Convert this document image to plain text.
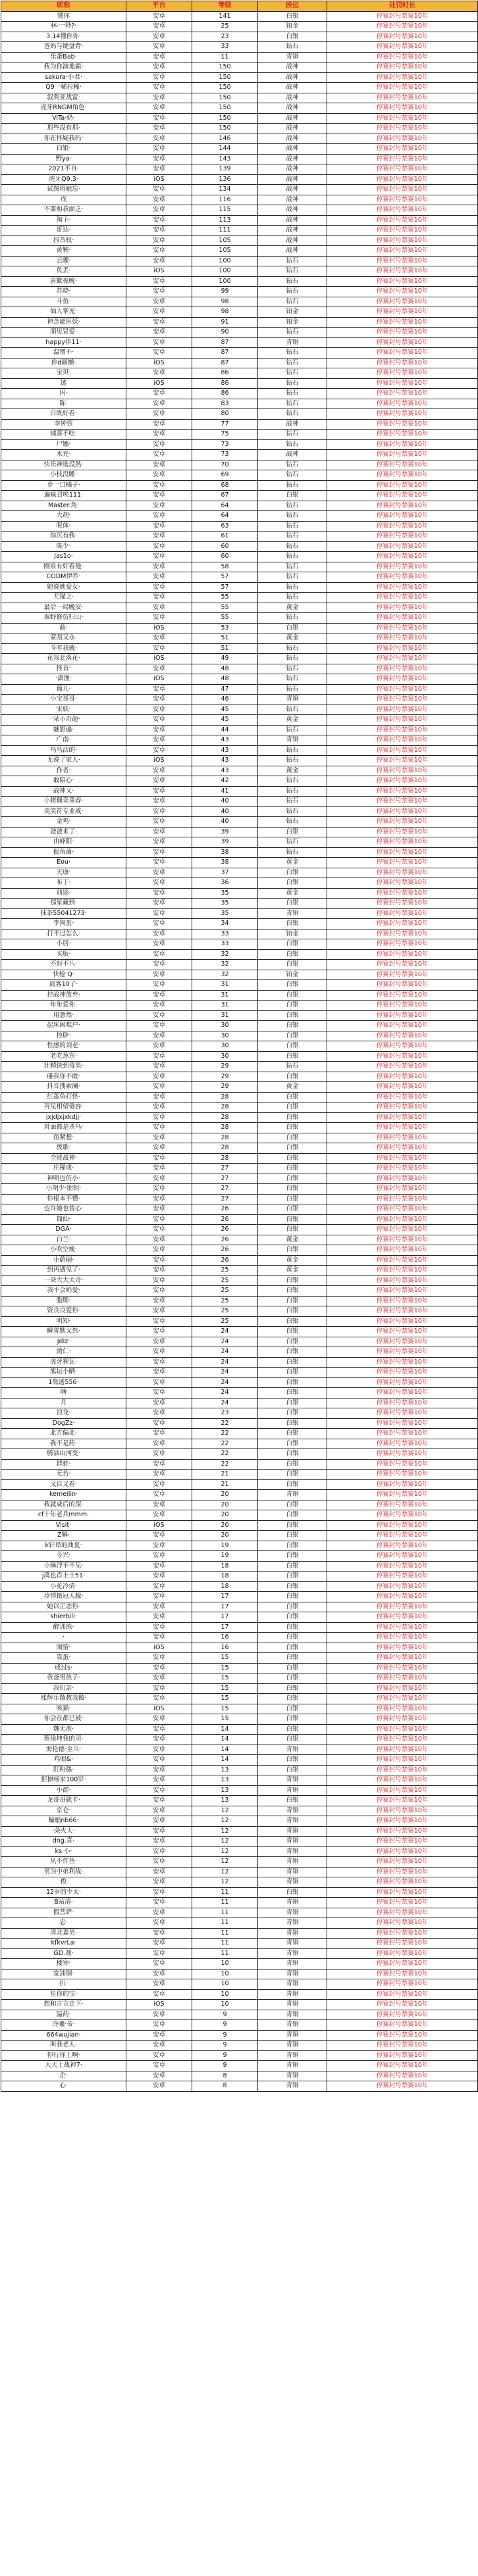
昵称	平台	等级	段位	处罚时长
懂你	安卓	141	白银	停赛封号禁赛10年
林·一秒?·	安卓	25	铂金	停赛封号禁赛10年
3.14懂你你·	安卓	23	白银	停赛封号禁赛10年
爸妈与键盘背·	安卓	33	钻石	停赛封号禁赛10年
乐蛋Bab·	安卓	11	青铜	停赛封号禁赛10年
我为你演地霸·	安卓	150	战神	停赛封号禁赛10年
sakura·小君·	安卓	150	战神	停赛封号禁赛10年
Q9一稀拉稀·	安卓	150	战神	停赛封号禁赛10年
叙利亚战雷·	安卓	150	战神	停赛封号禁赛10年
虎牙RNGM角色·	安卓	150	战神	停赛封号禁赛10年
ViTa·奶·	安卓	150	战神	停赛封号禁赛10年
那些没有那·	安卓	150	战神	停赛封号禁赛10年
你在怀疑我吗·	安卓	146	战神	停赛封号禁赛10年
白银·	安卓	144	战神	停赛封号禁赛10年
野ya·	安卓	143	战神	停赛封号禁赛10年
2021不自·	安卓	139	战神	停赛封号禁赛10年
虎牙Q9.3·	iOS	136	战神	停赛封号禁赛10年
试图将她忘·	安卓	134	战神	停赛封号禁赛10年
戊	安卓	116	战神	停赛封号禁赛10年
不要和我面乏·	安卓	115	战神	停赛封号禁赛10年
淘主·	安卓	113	战神	停赛封号禁赛10年
哥达·	安卓	111	战神	停赛封号禁赛10年
抖音权·	安卓	105	战神	停赛封号禁赛10年
黄鞅·	安卓	105	战神	停赛封号禁赛10年
云骤·	安卓	100	钻石	停赛封号禁赛10年
负丢·	iOS	100	钻石	停赛封号禁赛10年
喜歡夜晚·	安卓	100	钻石	停赛封号禁赛10年
苏晓·	安卓	99	钻石	停赛封号禁赛10年
斗鱼·	安卓	98	钻石	停赛封号禁赛10年
仙人掌充·	安卓	98	铂金	停赛封号禁赛10年
神念能医妖·	安卓	91	铂金	停赛封号禁赛10年
朋见冒爱·	安卓	90	钻石	停赛封号禁赛10年
happy伴11·	安卓	87	青铜	停赛封号禁赛10年
温憎不·	安卓	87	钻石	停赛封号禁赛10年
你d画懒·	iOS	87	钻石	停赛封号禁赛10年
宝贝·	安卓	86	钻石	停赛封号禁赛10年
透	iOS	86	钻石	停赛封号禁赛10年
闪·	安卓	86	钻石	停赛封号禁赛10年
陈·	安卓	83	钻石	停赛封号禁赛10年
白既好看·	安卓	80	钻石	停赛封号禁赛10年
李钟萱	安卓	77	战神	停赛封号禁赛10年
铺落不吃·	安卓	75	钻石	停赛封号禁赛10年
尸娜·	安卓	73	钻石	停赛封号禁赛10年
术充·	安卓	73	战神	停赛封号禁赛10年
快乐神选没熟·	安卓	70	钻石	停赛封号禁赛10年
小枝没睡·	安卓	69	钻石	停赛封号禁赛10年
乡一口橘子·	安卓	68	钻石	停赛封号禁赛10年
遍疯召唤111·	安卓	67	白银	停赛封号禁赛10年
Master.角·	安卓	64	钻石	停赛封号禁赛10年
大胡·	安卓	64	钻石	停赛封号禁赛10年
呢体·	安卓	63	钻石	停赛封号禁赛10年
你沉有我·	安卓	61	钻石	停赛封号禁赛10年
陈少·	安卓	60	钻石	停赛封号禁赛10年
Jas1o·	安卓	60	钻石	停赛封号禁赛10年
刚泉有奸看他·	安卓	58	钻石	停赛封号禁赛10年
CODM伊乔·	安卓	57	钻石	停赛封号禁赛10年
她说她爱女·	安卓	57	钻石	停赛封号禁赛10年
尤猫之·	安卓	55	钻石	停赛封号禁赛10年
最后一局晚安·	安卓	55	黄金	停赛封号禁赛10年
秦野修仿归山·	安卓	55	钻石	停赛封号禁赛10年
曲·	iOS	53	白银	停赛封号禁赛10年
蒙刮又永·	安卓	51	黄金	停赛封号禁赛10年
斗咔我就·	安卓	51	钻石	停赛封号禁赛10年
花我北落花·	iOS	49	钻石	停赛封号禁赛10年
怪首·	安卓	48	钻石	停赛封号禁赛10年
·潇渔·	iOS	48	钻石	停赛封号禁赛10年
葡儿·	安卓	47	钻石	停赛封号禁赛10年
小宝哥哥·	安卓	46	青铜	停赛封号禁赛10年
宋妖·	安卓	45	钻石	停赛封号禁赛10年
一朵小奇葩·	安卓	45	黄金	停赛封号禁赛10年
魅影遍·	安卓	44	钻石	停赛封号禁赛10年
广南·	安卓	43	青铜	停赛封号禁赛10年
乌乌活的·	安卓	43	钻石	停赛封号禁赛10年
无说了家人·	iOS	43	钻石	停赛封号禁赛10年
作者·	安卓	43	黄金	停赛封号禁赛10年
敢陪心·	安卓	42	钻石	停赛封号禁赛10年
战神乂·	安卓	41	钻石	停赛封号禁赛10年
小猪佩奇重春·	安卓	40	钻石	停赛封号禁赛10年
美笑符专业威·	安卓	40	钻石	停赛封号禁赛10年
金鸡·	安卓	40	钻石	停赛封号禁赛10年
爸爸来了·	安卓	39	白银	停赛封号禁赛10年
由峰阳·	安卓	39	钻石	停赛封号禁赛10年
报角菌·	安卓	38	钻石	停赛封号禁赛10年
Eou·	安卓	38	黄金	停赛封号禁赛10年
天康·	安卓	37	白银	停赛封号禁赛10年
布丁·	安卓	36	白银	停赛封号禁赛10年
前途·	安卓	35	黄金	停赛封号禁赛10年
那星藏到·	安卓	35	白银	停赛封号禁赛10年
抹茶55041273·	安卓	35	青铜	停赛封号禁赛10年
李狗蛋·	安卓	34	白银	停赛封号禁赛10年
打不过怎么·	安卓	33	铂金	停赛封号禁赛10年
小居·	安卓	33	白银	停赛封号禁赛10年
买版·	安卓	32	白银	停赛封号禁赛10年
不射不八·	安卓	32	白银	停赛封号禁赛10年
快枪·Q·	安卓	32	铂金	停赛封号禁赛10年
晨客10了·	安卓	31	白银	停赛封号禁赛10年
挂战神放弃·	安卓	31	白银	停赛封号禁赛10年
年年爱你·	安卓	31	白银	停赛封号禁赛10年
用惫然·	安卓	31	白银	停赛封号禁赛10年
起床困难户·	安卓	30	白银	停赛封号禁赛10年
控辟·	安卓	30	白银	停赛封号禁赛10年
性感的刘老·	安卓	30	白银	停赛封号禁赛10年
老吃葱东·	安卓	30	白银	停赛封号禁赛10年
壮精快到毒果·	安卓	29	钻石	停赛封号禁赛10年
碰我你不敢·	安卓	29	白银	停赛封号禁赛10年
抖音搜索澜·	安卓	29	黄金	停赛封号禁赛10年
红莲鱼打怪·	安卓	28	白银	停赛封号禁赛10年
再见相望倦容·	安卓	28	白银	停赛封号禁赛10年
jxjdjxjxkdjj·	安卓	28	白银	停赛封号禁赛10年
对面都是杀鸟·	安卓	28	白银	停赛封号禁赛10年
鱼紧想·	安卓	28	白银	停赛封号禁赛10年
泼歌·	安卓	28	白银	停赛封号禁赛10年
全能战神·	安卓	28	白银	停赛封号禁赛10年
庄稀成·	安卓	27	白银	停赛封号禁赛10年
神明也仿小·	安卓	27	白银	停赛封号禁赛10年
小胡少·朋钥·	安卓	27	白银	停赛封号禁赛10年
你根本不懂·	安卓	27	白银	停赛封号禁赛10年
也许她也曾心·	安卓	26	白银	停赛封号禁赛10年
匍仙·	安卓	26	白银	停赛封号禁赛10年
DGA·	安卓	26	白银	停赛封号禁赛10年
白兰·	安卓	26	黄金	停赛封号禁赛10年
小吹空瘦·	安卓	26	白银	停赛封号禁赛10年
小蔚刷·	安卓	26	黄金	停赛封号禁赛10年
到再遇见了·	安卓	25	黄金	停赛封号禁赛10年
一朵大大大奇·	安卓	25	白银	停赛封号禁赛10年
我不会奶爱·	安卓	25	白银	停赛封号禁赛10年
胞牌·	安卓	25	白银	停赛封号禁赛10年
资良良爱你·	安卓	25	白银	停赛封号禁赛10年
明知·	安卓	25	白银	停赛封号禁赛10年
瞬誓默义然·	安卓	24	白银	停赛封号禁赛10年
Jdiz·	安卓	24	白银	停赛封号禁赛10年
淌仁·	安卓	24	白银	停赛封号禁赛10年
虎牙狸瓦·	安卓	24	白银	停赛封号禁赛10年
熊坛小晒·	安卓	24	白银	停赛封号禁赛10年
1熊透556·	安卓	24	白银	停赛封号禁赛10年
嗨	安卓	24	白银	停赛封号禁赛10年
月	安卓	24	白银	停赛封号禁赛10年
浪龙·	安卓	23	白银	停赛封号禁赛10年
DogZz·	安卓	22	白银	停赛封号禁赛10年
北方偏北·	安卓	22	白银	停赛封号禁赛10年
我不是药·	安卓	22	白银	停赛封号禁赛10年
腾县山河变·	安卓	22	白银	停赛封号禁赛10年
群蛙·	安卓	22	白银	停赛封号禁赛10年
无若·	安卓	21	白银	停赛封号禁赛10年
又自又看·	安卓	21	白银	停赛封号禁赛10年
kemeilin·	安卓	20	青铜	停赛封号禁赛10年
我就咸后的深·	安卓	20	白银	停赛封号禁赛10年
cf十年老兵mmm·	安卓	20	白银	停赛封号禁赛10年
Visit·	iOS	20	白银	停赛封号禁赛10年
Z解·	安卓	20	白银	停赛封号禁赛10年
k轩昂的曲夏·	安卓	19	白银	停赛封号禁赛10年
今兴·	安卓	19	白银	停赛封号禁赛10年
小琳浮不不见·	安卓	18	白银	停赛封号禁赛10年
j禹也肖上士51·	安卓	18	白银	停赛封号禁赛10年
小花冷清·	安卓	18	白银	停赛封号禁赛10年
珍情摄冠人朦·	安卓	17	白银	停赛封号禁赛10年
她以正恋你·	安卓	17	白银	停赛封号禁赛10年
shierbili·	安卓	17	白银	停赛封号禁赛10年
醉训练·	安卓	17	白银	停赛封号禁赛10年
·	安卓	16	白银	停赛封号禁赛10年
闹情·	iOS	16	白银	停赛封号禁赛10年
靠蛋·	安卓	15	白银	停赛封号禁赛10年
成过s·	安卓	15	白银	停赛封号禁赛10年
我爸男孩子·	安卓	15	白银	停赛封号禁赛10年
我们亲·	安卓	15	白银	停赛封号禁赛10年
账辉乐散教我做·	安卓	15	白银	停赛封号禁赛10年
咳猫·	iOS	15	白银	停赛封号禁赛10年
你会在都已被·	安卓	15	白银	停赛封号禁赛10年
魏无羡·	安卓	14	白银	停赛封号禁赛10年
蔡徐坤我的司·	安卓	14	白银	停赛封号禁赛10年
海伦德·至当·	安卓	14	青铜	停赛封号禁赛10年
鸡眼&·	安卓	14	白银	停赛封号禁赛10年
肛粉絲·	安卓	13	白银	停赛封号禁赛10年
拒撩杨家100岁·	安卓	13	青铜	停赛封号禁赛10年
小群·	安卓	13	青铜	停赛封号禁赛10年
龙哥哥就卡·	安卓	13	白银	停赛封号禁赛10年
京仑·	安卓	12	青铜	停赛封号禁赛10年
蝙蝠nb66·	安卓	12	青铜	停赛封号禁赛10年
·朵火大·	安卓	12	青铜	停赛封号禁赛10年
dng.喜·	安卓	12	青铜	停赛封号禁赛10年
ks·小·	安卓	12	青铜	停赛封号禁赛10年
从不作鱼·	安卓	12	青铜	停赛封号禁赛10年
男为中弟利战·	安卓	12	青铜	停赛封号禁赛10年
俊	安卓	12	青铜	停赛封号禁赛10年
12岁的少太·	安卓	11	白银	停赛封号禁赛10年
B站清·	安卓	11	青铜	停赛封号禁赛10年
假菩萨·	安卓	11	青铜	停赛封号禁赛10年
忠·	安卓	11	青铜	停赛封号禁赛10年
清北嘉男·	安卓	11	青铜	停赛封号禁赛10年
kfkvrLa·	安卓	11	青铜	停赛封号禁赛10年
GD.观·	安卓	11	青铜	停赛封号禁赛10年
楼寒·	安卓	10	青铜	停赛封号禁赛10年
宽油铜·	安卓	10	青铜	停赛封号禁赛10年
扒·	安卓	10	青铜	停赛封号禁赛10年
星你的宝·	安卓	10	青铜	停赛封号禁赛10年
想和言言走下·	iOS	10	青铜	停赛封号禁赛10年
温药·	安卓	9	青铜	停赛封号禁赛10年
冷曦·帝·	安卓	9	青铜	停赛封号禁赛10年
664wujian·	安卓	9	青铜	停赛封号禁赛10年
叫我老人·	安卓	9	青铜	停赛封号禁赛10年
你行你上啊·	安卓	9	青铜	停赛封号禁赛10年
天天上战神7·	安卓	9	青铜	停赛封号禁赛10年
企·	安卓	8	青铜	停赛封号禁赛10年
心·	安卓	8	青铜	停赛封号禁赛10年
